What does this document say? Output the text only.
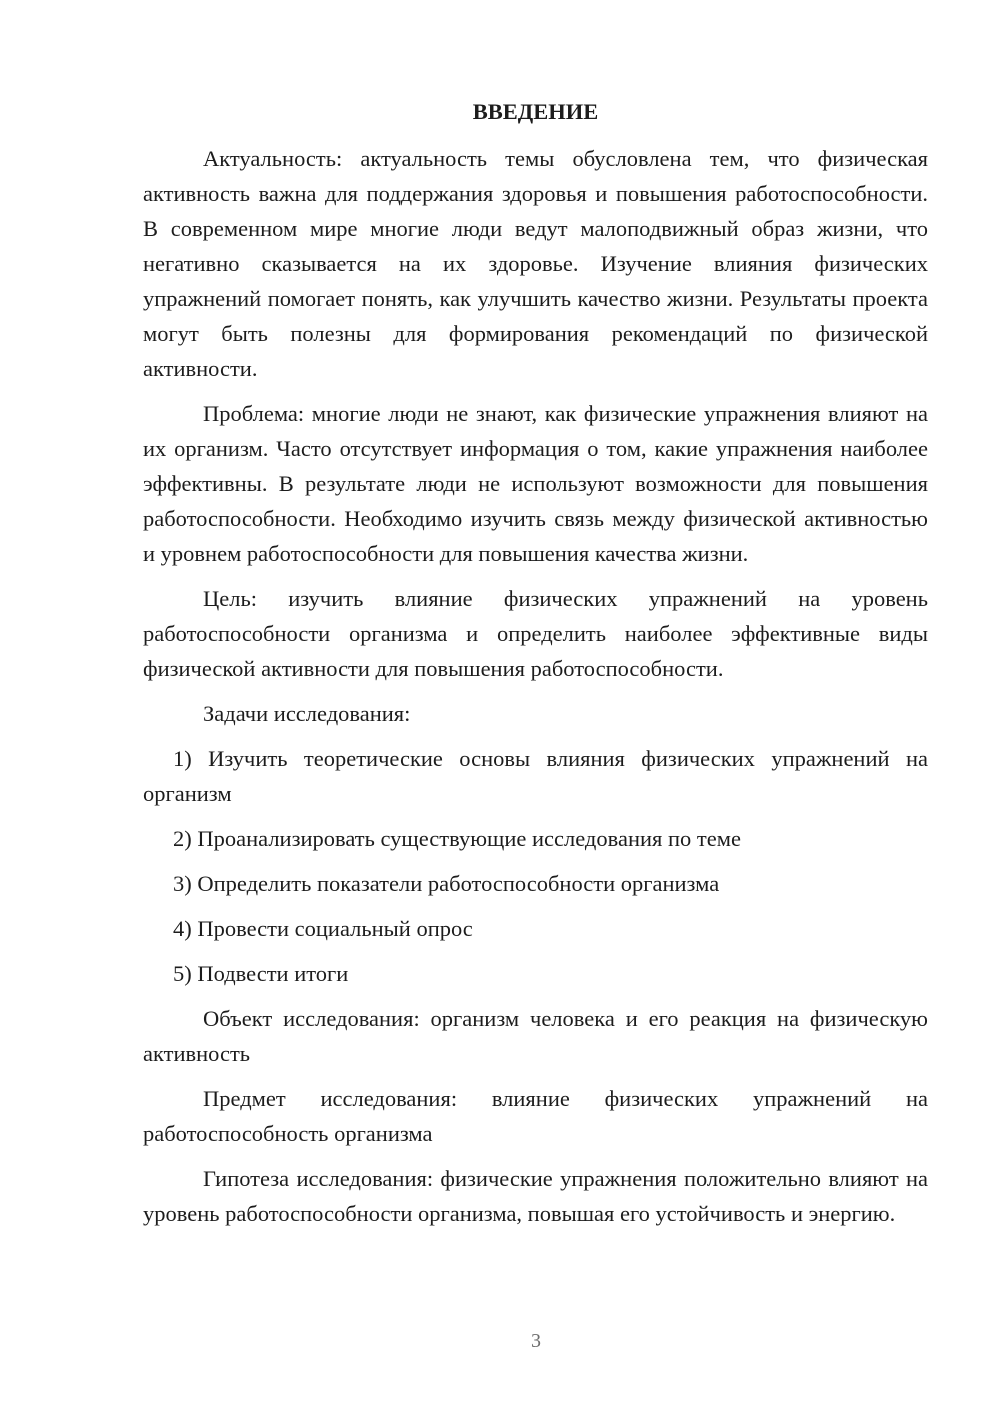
ВВЕДЕНИЕ

Актуальность: актуальность темы обусловлена тем, что физическая активность важна для поддержания здоровья и повышения работоспособности. В современном мире многие люди ведут малоподвижный образ жизни, что негативно сказывается на их здоровье. Изучение влияния физических упражнений помогает понять, как улучшить качество жизни. Результаты проекта могут быть полезны для формирования рекомендаций по физической активности.

Проблема: многие люди не знают, как физические упражнения влияют на их организм. Часто отсутствует информация о том, какие упражнения наиболее эффективны. В результате люди не используют возможности для повышения работоспособности. Необходимо изучить связь между физической активностью и уровнем работоспособности для повышения качества жизни.

Цель: изучить влияние физических упражнений на уровень работоспособности организма и определить наиболее эффективные виды физической активности для повышения работоспособности.

Задачи исследования:

1) Изучить теоретические основы влияния физических упражнений на организм

2) Проанализировать существующие исследования по теме

3) Определить показатели работоспособности организма

4) Провести социальный опрос

5) Подвести итоги

Объект исследования: организм человека и его реакция на физическую активность

Предмет исследования: влияние физических упражнений на работоспособность организма

Гипотеза исследования: физические упражнения положительно влияют на уровень работоспособности организма, повышая его устойчивость и энергию.

3
